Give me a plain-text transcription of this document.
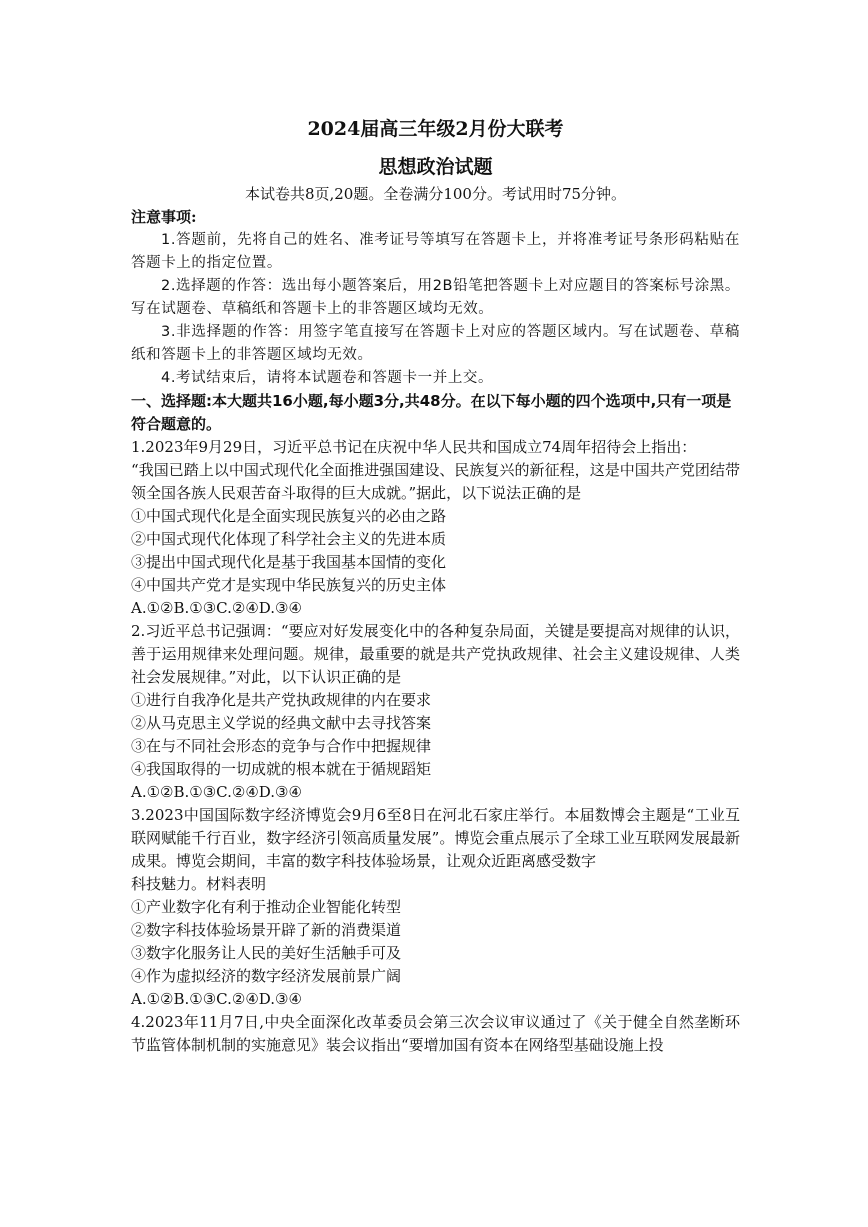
2024届高三年级2月份大联考

思想政治试题

本试卷共8页,20题。全卷满分100分。考试用时75分钟。

注意事项:

1.答题前，先将自己的姓名、准考证号等填写在答题卡上，并将准考证号条形码粘贴在答题卡上的指定位置。

2.选择题的作答：选出每小题答案后，用2B铅笔把答题卡上对应题目的答案标号涂黑。写在试题卷、草稿纸和答题卡上的非答题区域均无效。

3.非选择题的作答：用签字笔直接写在答题卡上对应的答题区域内。写在试题卷、草稿纸和答题卡上的非答题区域均无效。

4.考试结束后，请将本试题卷和答题卡一并上交。

一、选择题:本大题共16小题,每小题3分,共48分。在以下每小题的四个选项中,只有一项是符合题意的。

1.2023年9月29日，习近平总书记在庆祝中华人民共和国成立74周年招待会上指出：

“我国已踏上以中国式现代化全面推进强国建设、民族复兴的新征程，这是中国共产党团结带领全国各族人民艰苦奋斗取得的巨大成就。”据此，以下说法正确的是

①中国式现代化是全面实现民族复兴的必由之路

②中国式现代化体现了科学社会主义的先进本质

③提出中国式现代化是基于我国基本国情的变化

④中国共产党才是实现中华民族复兴的历史主体

A.①②B.①③C.②④D.③④

2.习近平总书记强调：“要应对好发展变化中的各种复杂局面，关键是要提高对规律的认识，善于运用规律来处理问题。规律，最重要的就是共产党执政规律、社会主义建设规律、人类社会发展规律。”对此，以下认识正确的是

①进行自我净化是共产党执政规律的内在要求

②从马克思主义学说的经典文献中去寻找答案

③在与不同社会形态的竞争与合作中把握规律

④我国取得的一切成就的根本就在于循规蹈矩

A.①②B.①③C.②④D.③④

3.2023中国国际数字经济博览会9月6至8日在河北石家庄举行。本届数博会主题是“工业互联网赋能千行百业，数字经济引领高质量发展”。博览会重点展示了全球工业互联网发展最新成果。博览会期间，丰富的数字科技体验场景，让观众近距离感受数字

科技魅力。材料表明

①产业数字化有利于推动企业智能化转型

②数字科技体验场景开辟了新的消费渠道

③数字化服务让人民的美好生活触手可及

④作为虚拟经济的数字经济发展前景广阔

A.①②B.①③C.②④D.③④

4.2023年11月7日,中央全面深化改革委员会第三次会议审议通过了《关于健全自然垄断环节监管体制机制的实施意见》装会议指出“要增加国有资本在网络型基础设施上投
